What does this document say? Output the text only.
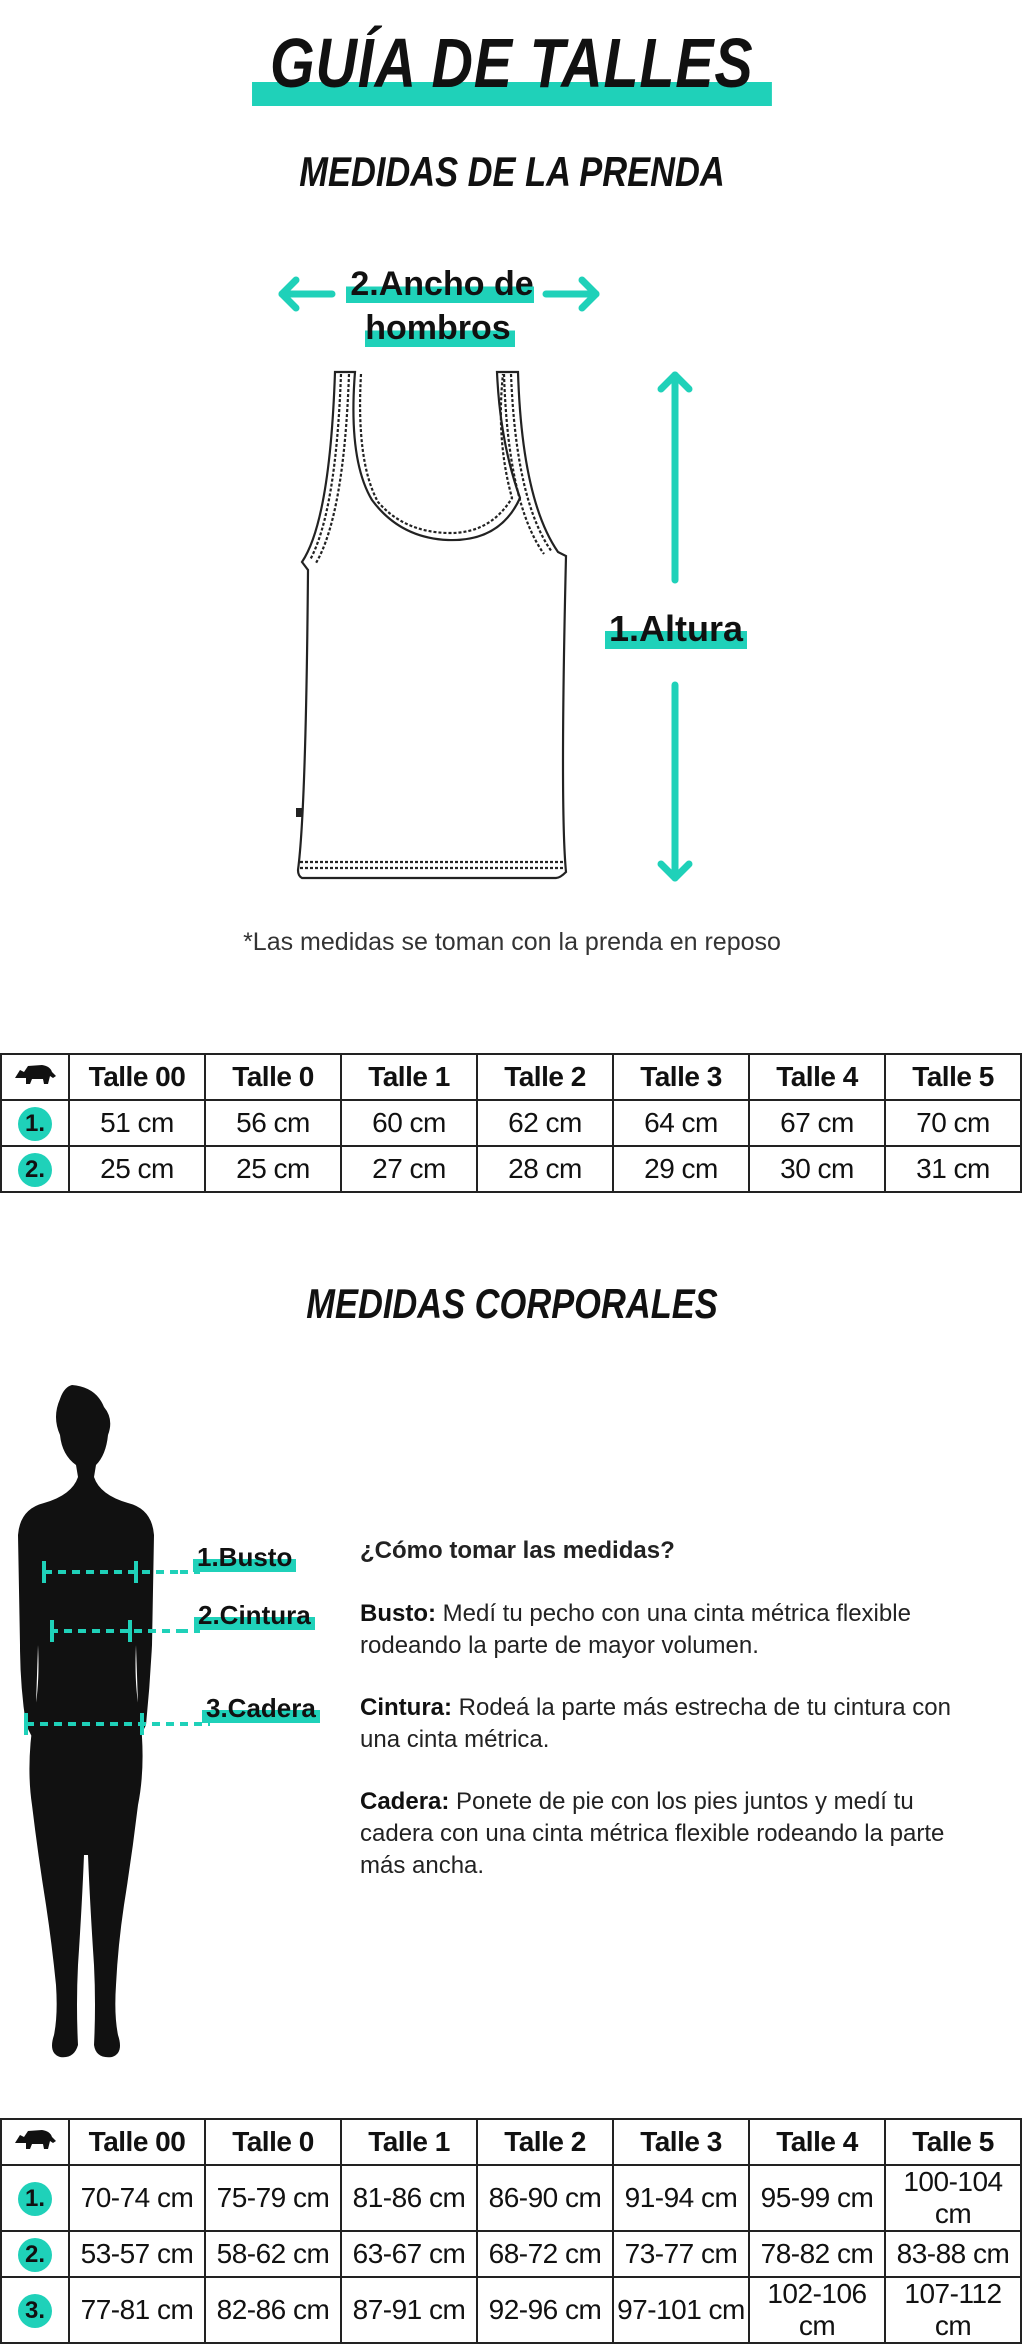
GUÍA DE TALLES
MEDIDAS DE LA PRENDA
2.Ancho de hombros
1.Altura
*Las medidas se toman con la prenda en reposo
	Talle 00	Talle 0	Talle 1	Talle 2	Talle 3	Talle 4	Talle 5
1.	51 cm	56 cm	60 cm	62 cm	64 cm	67 cm	70 cm
2.	25 cm	25 cm	27 cm	28 cm	29 cm	30 cm	31 cm
MEDIDAS CORPORALES
1.Busto
2.Cintura
3.Cadera
¿Cómo tomar las medidas?
Busto: Medí tu pecho con una cinta métrica flexible rodeando la parte de mayor volumen.
Cintura: Rodeá la parte más estrecha de tu cintura con una cinta métrica.
Cadera: Ponete de pie con los pies juntos y medí tu cadera con una cinta métrica flexible rodeando la parte más ancha.
	Talle 00	Talle 0	Talle 1	Talle 2	Talle 3	Talle 4	Talle 5
1.	70-74 cm	75-79 cm	81-86 cm	86-90 cm	91-94 cm	95-99 cm	100-104 cm
2.	53-57 cm	58-62 cm	63-67 cm	68-72 cm	73-77 cm	78-82 cm	83-88 cm
3.	77-81 cm	82-86 cm	87-91 cm	92-96 cm	97-101 cm	102-106 cm	107-112 cm
